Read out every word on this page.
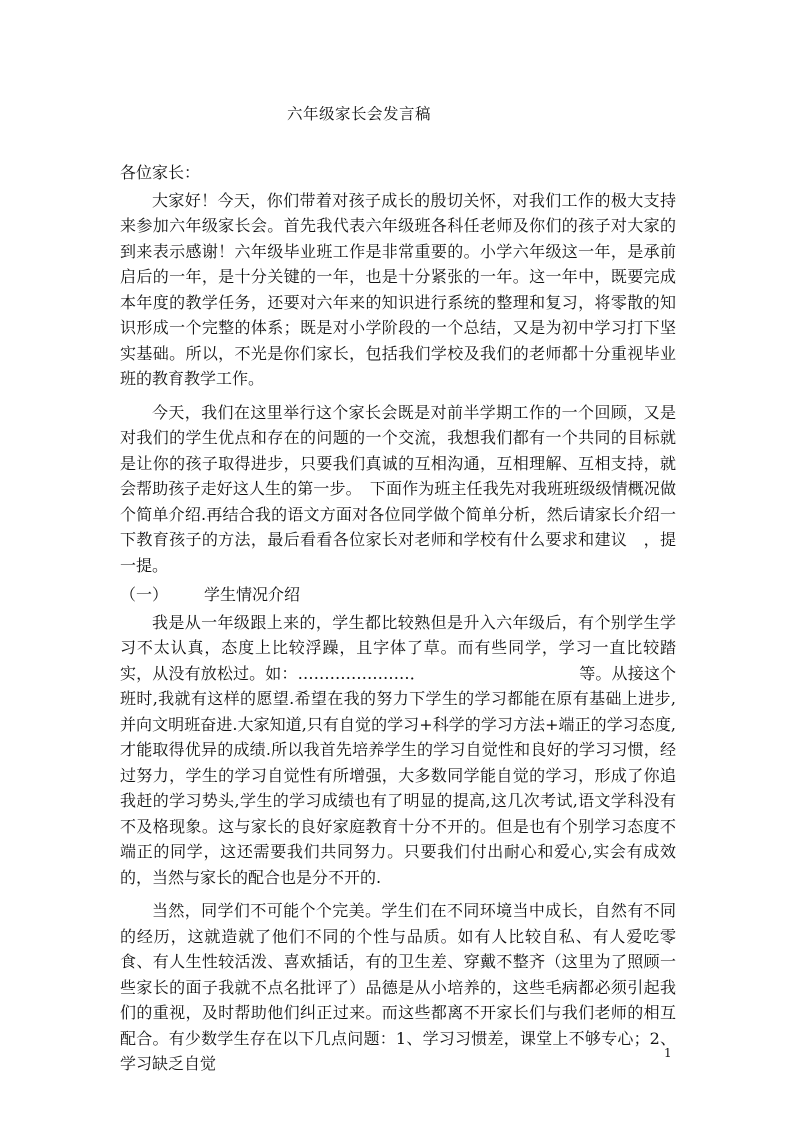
六年级家长会发言稿

各位家长：

大家好！今天，你们带着对孩子成长的殷切关怀，对我们工作的极大支持来参加六年级家长会。首先我代表六年级班各科任老师及你们的孩子对大家的到来表示感谢！六年级毕业班工作是非常重要的。小学六年级这一年，是承前启后的一年，是十分关键的一年，也是十分紧张的一年。这一年中，既要完成本年度的教学任务，还要对六年来的知识进行系统的整理和复习，将零散的知识形成一个完整的体系；既是对小学阶段的一个总结，又是为初中学习打下坚实基础。所以，不光是你们家长，包括我们学校及我们的老师都十分重视毕业班的教育教学工作。

今天，我们在这里举行这个家长会既是对前半学期工作的一个回顾，又是对我们的学生优点和存在的问题的一个交流，我想我们都有一个共同的目标就是让你的孩子取得进步，只要我们真诚的互相沟通，互相理解、互相支持，就会帮助孩子走好这人生的第一步。　下面作为班主任我先对我班班级级情概况做个简单介绍.再结合我的语文方面对各位同学做个简单分析，然后请家长介绍一下教育孩子的方法，最后看看各位家长对老师和学校有什么要求和建议　，提一提。

（一） 学生情况介绍

我是从一年级跟上来的，学生都比较熟但是升入六年级后，有个别学生学习不太认真，态度上比较浮躁，且字体了草。而有些同学，学习一直比较踏实，从没有放松过。如：…………………．　　　　　　　　　　等。从接这个班时,我就有这样的愿望.希望在我的努力下学生的学习都能在原有基础上进步,并向文明班奋进.大家知道,只有自觉的学习+科学的学习方法+端正的学习态度,才能取得优异的成绩.所以我首先培养学生的学习自觉性和良好的学习习惯，经过努力，学生的学习自觉性有所增强，大多数同学能自觉的学习，形成了你追我赶的学习势头,学生的学习成绩也有了明显的提高,这几次考试,语文学科没有不及格现象。这与家长的良好家庭教育十分不开的。但是也有个别学习态度不端正的同学，这还需要我们共同努力。只要我们付出耐心和爱心,实会有成效的，当然与家长的配合也是分不开的.

当然，同学们不可能个个完美。学生们在不同环境当中成长，自然有不同的经历，这就造就了他们不同的个性与品质。如有人比较自私、有人爱吃零食、有人生性较活泼、喜欢插话，有的卫生差、穿戴不整齐（这里为了照顾一些家长的面子我就不点名批评了）品德是从小培养的，这些毛病都必须引起我们的重视，及时帮助他们纠正过来。而这些都离不开家长们与我们老师的相互配合。有少数学生存在以下几点问题：1、学习习惯差，课堂上不够专心；2、学习缺乏自觉

1
